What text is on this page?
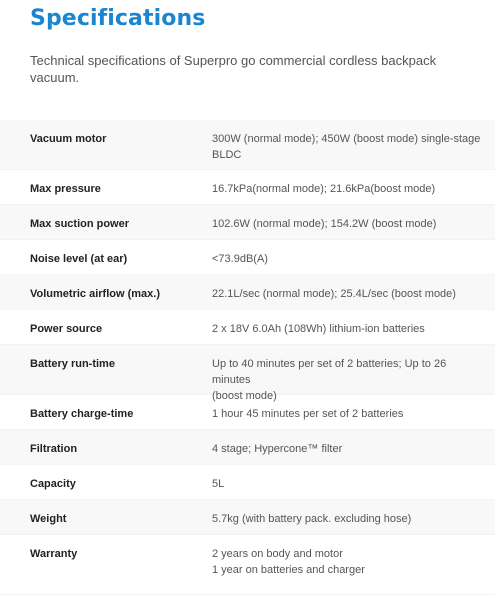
Specifications

Technical specifications of Superpro go commercial cordless backpack vacuum.

Vacuum motor	300W (normal mode); 450W (boost mode) single-stage
BLDC
Max pressure	16.7kPa(normal mode); 21.6kPa(boost mode)
Max suction power	102.6W (normal mode); 154.2W (boost mode)
Noise level (at ear)	<73.9dB(A)
Volumetric airflow (max.)	22.1L/sec (normal mode); 25.4L/sec (boost mode)
Power source	2 x 18V 6.0Ah (108Wh) lithium-ion batteries
Battery run-time	Up to 40 minutes per set of 2 batteries; Up to 26 minutes
(boost mode)
Battery charge-time	1 hour 45 minutes per set of 2 batteries
Filtration	4 stage; Hypercone™ filter
Capacity	5L
Weight	5.7kg (with battery pack. excluding hose)
Warranty	2 years on body and motor
1 year on batteries and charger
